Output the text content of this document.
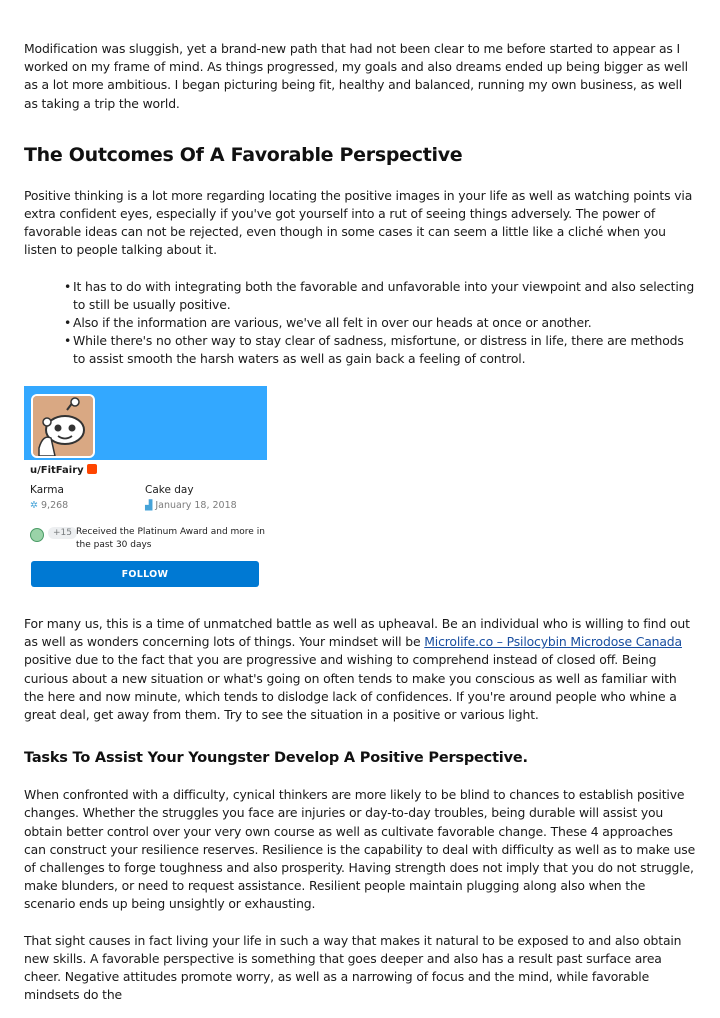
Modification was sluggish, yet a brand-new path that had not been clear to me before started to appear as I worked on my frame of mind. As things progressed, my goals and also dreams ended up being bigger as well as a lot more ambitious. I began picturing being fit, healthy and balanced, running my own business, as well as taking a trip the world.

The Outcomes Of A Favorable Perspective

Positive thinking is a lot more regarding locating the positive images in your life as well as watching points via extra confident eyes, especially if you've got yourself into a rut of seeing things adversely. The power of favorable ideas can not be rejected, even though in some cases it can seem a little like a cliché when you listen to people talking about it.

• It has to do with integrating both the favorable and unfavorable into your viewpoint and also selecting to still be usually positive.
• Also if the information are various, we've all felt in over our heads at once or another.
• While there's no other way to stay clear of sadness, misfortune, or distress in life, there are methods to assist smooth the harsh waters as well as gain back a feeling of control.
u/FitFairy
Karma
✲ 9,268
Cake day
▟ January 18, 2018
+15 Received the Platinum Award and more in the past 30 days
FOLLOW

For many us, this is a time of unmatched battle as well as upheaval. Be an individual who is willing to find out as well as wonders concerning lots of things. Your mindset will be Microlife.co – Psilocybin Microdose Canada positive due to the fact that you are progressive and wishing to comprehend instead of closed off. Being curious about a new situation or what's going on often tends to make you conscious as well as familiar with the here and now minute, which tends to dislodge lack of confidences. If you're around people who whine a great deal, get away from them. Try to see the situation in a positive or various light.

Tasks To Assist Your Youngster Develop A Positive Perspective.

When confronted with a difficulty, cynical thinkers are more likely to be blind to chances to establish positive changes. Whether the struggles you face are injuries or day-to-day troubles, being durable will assist you obtain better control over your very own course as well as cultivate favorable change. These 4 approaches can construct your resilience reserves. Resilience is the capability to deal with difficulty as well as to make use of challenges to forge toughness and also prosperity. Having strength does not imply that you do not struggle, make blunders, or need to request assistance. Resilient people maintain plugging along also when the scenario ends up being unsightly or exhausting.

That sight causes in fact living your life in such a way that makes it natural to be exposed to and also obtain new skills. A favorable perspective is something that goes deeper and also has a result past surface area cheer. Negative attitudes promote worry, as well as a narrowing of focus and the mind, while favorable mindsets do the
